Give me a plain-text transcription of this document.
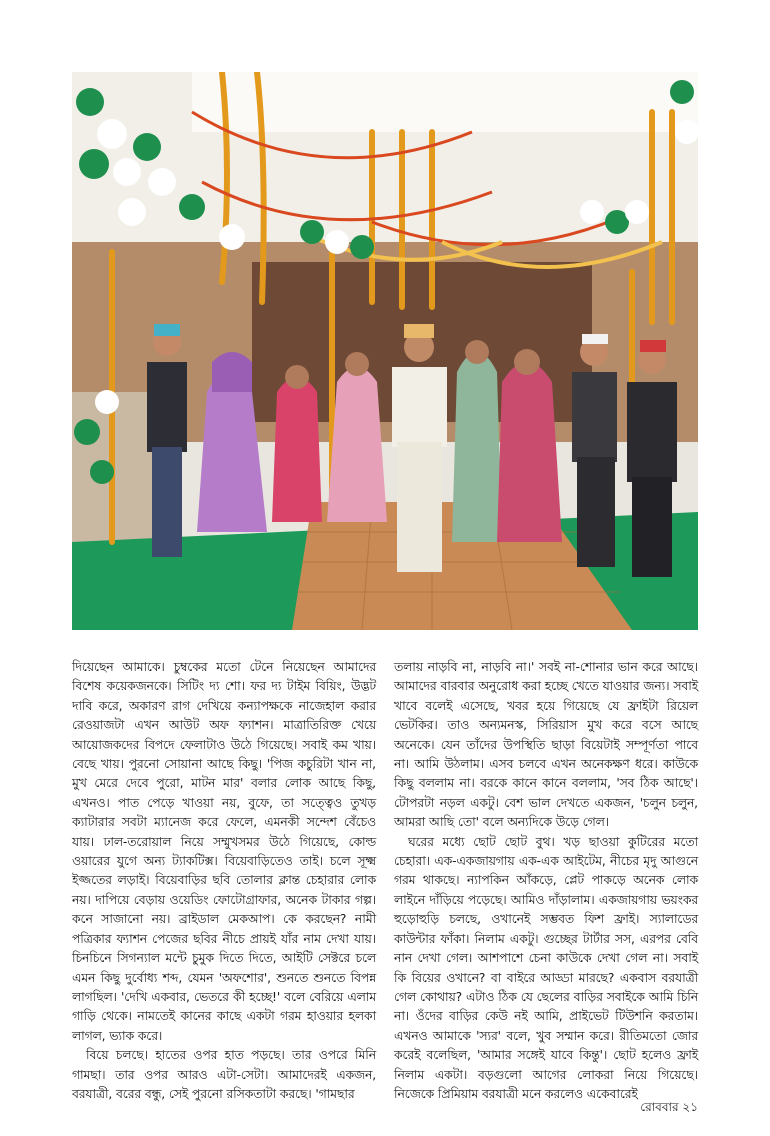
দিয়েছেন আমাকে। চুম্বকের মতো টেনে নিয়েছেন আমাদের বিশেষ কয়েকজনকে। সিটিং দ্য শো। ফর দ্য টাইম বিয়িং, উদ্ভট দাবি করে, অকারণ রাগ দেখিয়ে কন্যাপক্ষকে নাজেহাল করার রেওয়াজটা এখন আউট অফ ফ্যাশন। মাত্রাতিরিক্ত খেয়ে আয়োজকদের বিপদে ফেলাটাও উঠে গিয়েছে। সবাই কম খায়। বেছে খায়। পুরনো সোয়ানা আছে কিছু। 'পিজ কচুরিটা খান না, মুখ মেরে দেবে পুরো, মাটন মার' বলার লোক আছে কিছু, এখনও। পাত পেড়ে খাওয়া নয়, বুফে, তা সত্ত্বেও তুখড় ক্যাটারার সবটা ম্যানেজ করে ফেলে, এমনকী সন্দেশ বেঁচেও যায়। ঢাল-তরোয়াল নিয়ে সম্মুখসমর উঠে গিয়েছে, কোল্ড ওয়ারের যুগে অন্য ট্যাকটিক্স। বিয়েবাড়িতেও তাই। চলে সূক্ষ্ম ইজ্জতের লড়াই। বিয়েবাড়ির ছবি তোলার ক্লান্ত চেহারার লোক নয়। দাপিয়ে বেড়ায় ওয়েডিং ফোটোগ্রাফার, অনেক টাকার গল্প। কনে সাজানো নয়। ব্রাইডাল মেকআপ। কে করছেন? নামী পত্রিকার ফ্যাশন পেজের ছবির নীচে প্রায়ই যাঁর নাম দেখা যায়। চিনচিনে সিগন্যাল মন্টে চুমুক দিতে দিতে, আইটি সেক্টরে চলে এমন কিছু দুর্বোধ্য শব্দ, যেমন 'অফশোর', শুনতে শুনতে বিপন্ন লাগছিল। 'দেখি একবার, ভেতরে কী হচ্ছে!' বলে বেরিয়ে এলাম গাড়ি থেকে। নামতেই কানের কাছে একটা গরম হাওয়ার হলকা লাগল, ভ্যাক করে।

বিয়ে চলছে। হাতের ওপর হাত পড়ছে। তার ওপরে মিনি গামছা। তার ওপর আরও এটা-সেটা। আমাদেরই একজন, বরযাত্রী, বরের বন্ধু, সেই পুরনো রসিকতাটা করছে। 'গামছার

তলায় নাড়বি না, নাড়বি না।' সবই না-শোনার ভান করে আছে। আমাদের বারবার অনুরোধ করা হচ্ছে খেতে যাওয়ার জন্য। সবাই খাবে বলেই এসেছে, খবর হয়ে গিয়েছে যে ফ্রাইটা রিয়েল ভেটকির। তাও অন্যমনস্ক, সিরিয়াস মুখ করে বসে আছে অনেকে। যেন তাঁদের উপস্থিতি ছাড়া বিয়েটাই সম্পূর্ণতা পাবে না। আমি উঠলাম। এসব চলবে এখন অনেকক্ষণ ধরে। কাউকে কিছু বললাম না। বরকে কানে কানে বললাম, 'সব ঠিক আছে'। টোপরটা নড়ল একটু। বেশ ভাল দেখতে একজন, 'চলুন চলুন, আমরা আছি তো' বলে অন্যদিকে উড়ে গেল।

ঘরের মধ্যে ছোট ছোট বুথ। খড় ছাওয়া কুটিরের মতো চেহারা। এক-একজায়গায় এক-এক আইটেম, নীচের মৃদু আগুনে গরম থাকছে। ন্যাপকিন আঁকড়ে, প্লেট পাকড়ে অনেক লোক লাইনে দাঁড়িয়ে পড়েছে। আমিও দাঁড়ালাম। একজায়গায় ভয়ংকর হুড়োহুড়ি চলছে, ওখানেই সম্ভবত ফিশ ফ্রাই। স্যালাডের কাউন্টার ফাঁকা। নিলাম একটু। গুচ্ছের টার্টার সস, এরপর বেবি নান দেখা গেল। আশপাশে চেনা কাউকে দেখা গেল না। সবাই কি বিয়ের ওখানে? বা বাইরে আড্ডা মারছে? একবাস বরযাত্রী গেল কোথায়? এটাও ঠিক যে ছেলের বাড়ির সবাইকে আমি চিনি না। ওঁদের বাড়ির কেউ নই আমি, প্রাইভেট টিউশনি করতাম। এখনও আমাকে 'স্যর' বলে, খুব সম্মান করে। রীতিমতো জোর করেই বলেছিল, 'আমার সঙ্গেই যাবে কিন্তু'। ছোট হলেও ফ্রাই নিলাম একটা। বড়গুলো আগের লোকরা নিয়ে গিয়েছে। নিজেকে প্রিমিয়াম বরযাত্রী মনে করলেও একেবারেই

রোববার ২১
